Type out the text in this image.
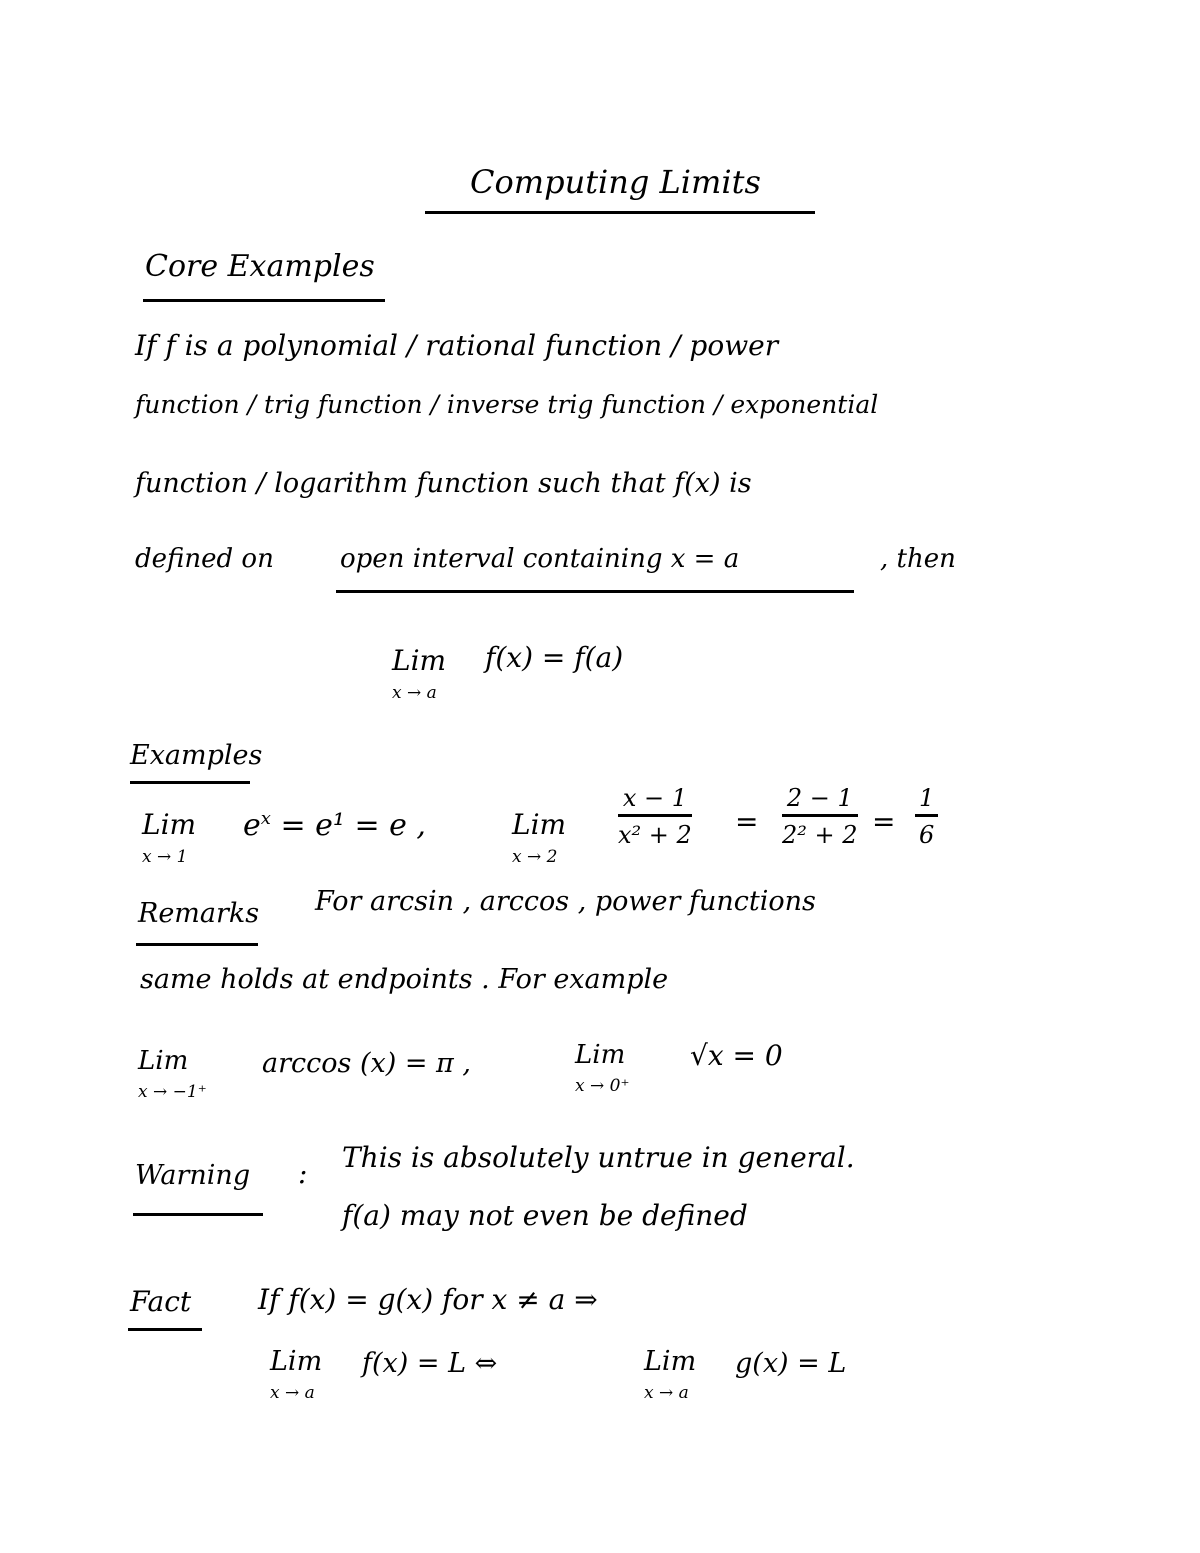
Computing Limits
Core Examples
If f is a polynomial / rational function / power
function / trig function / inverse trig function / exponential
function / logarithm function such that f(x) is
defined on	open interval containing x = a	, then
Lim
x → a
f(x) = f(a)
Examples
Lim
x → 1
$e^x = e^1 = e$ ,	Lim
x → 2
$\frac{x - 1}{\text{x² + 2}} = \frac{2 - 1}{\text{2² + 2}} = \frac{1}{6}$
Remarks For arcsin , arccos , power functions
same holds at endpoints . For example
Lim
x → −1⁺
arccos (x) = π ,	Lim
x → 0⁺
√x = 0
Warning : This is absolutely untrue in general.
f(a) may not even be defined
Fact If f(x) = g(x) for x ≠ a ⇒
Lim
x → a
f(x) = L ⇔	Lim
x → a
g(x) = L
